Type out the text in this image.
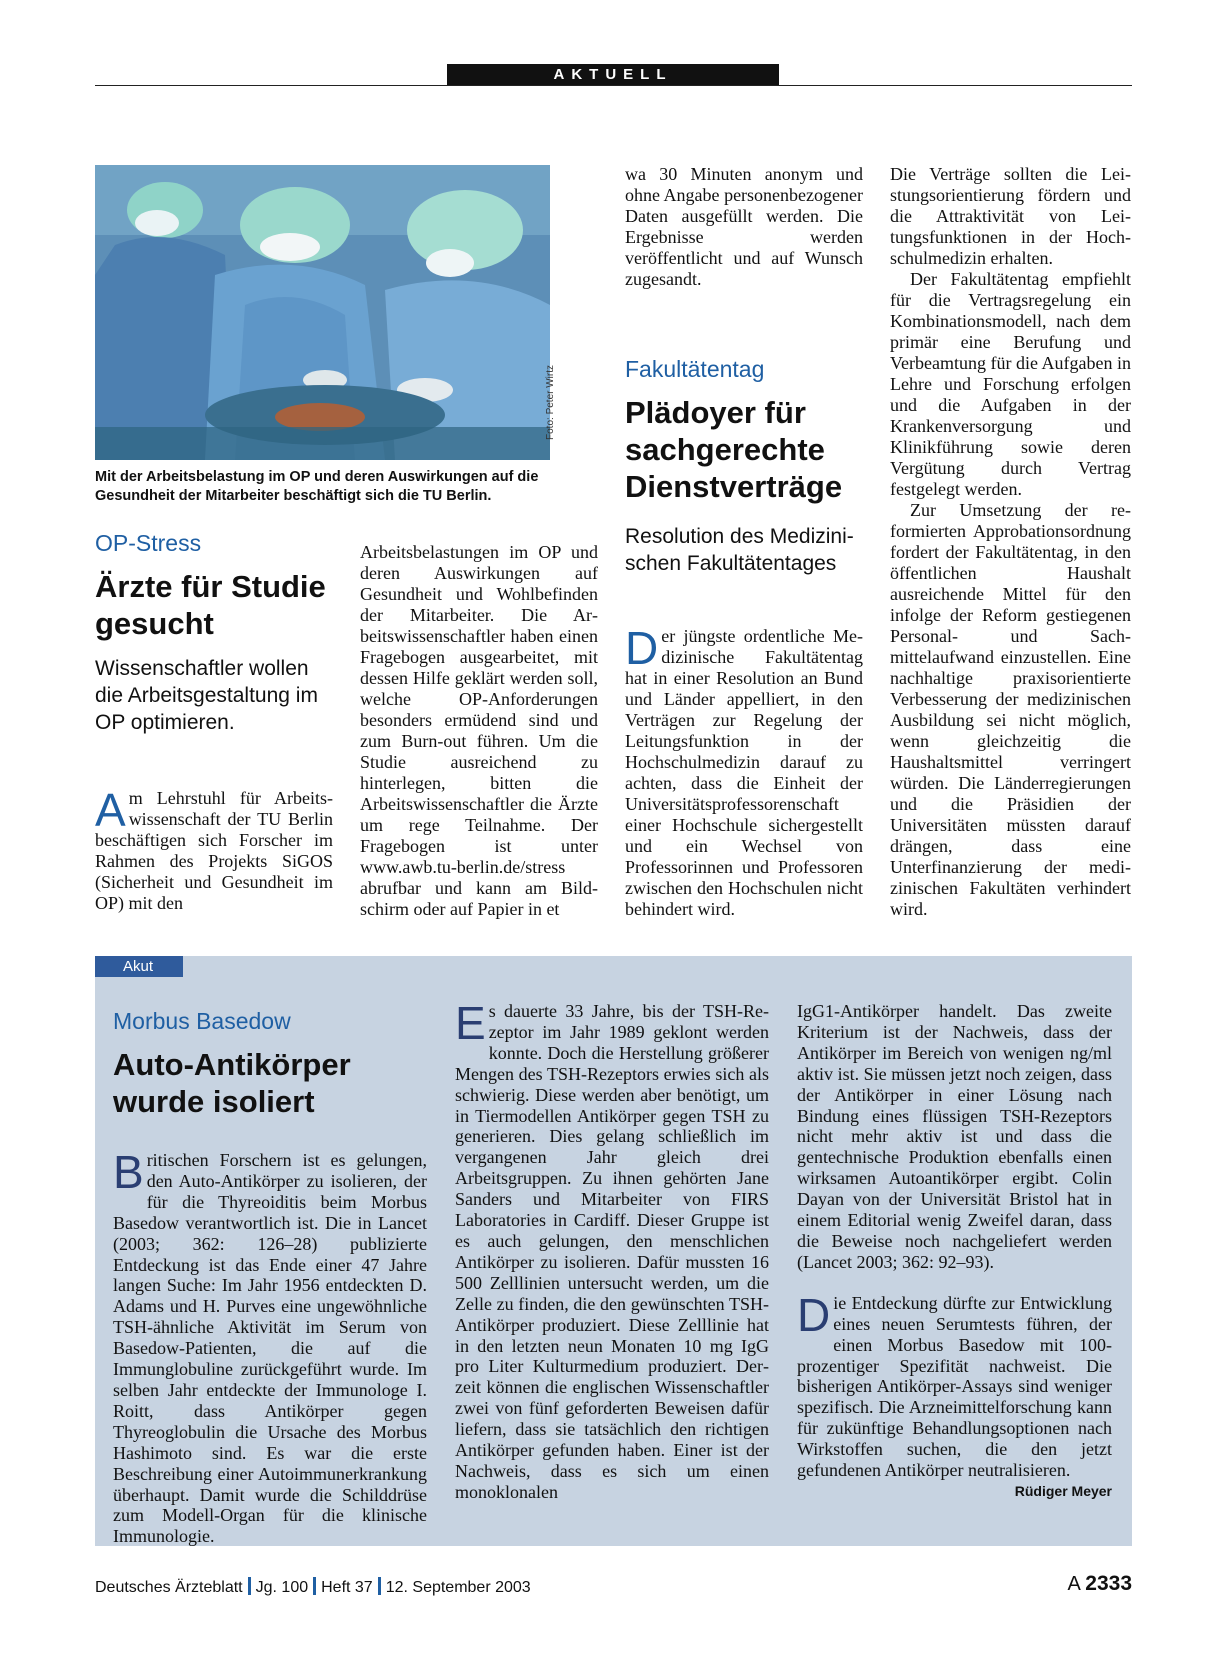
AKTUELL
Foto: Peter Wirtz

Mit der Arbeitsbelastung im OP und deren Auswirkungen auf die Gesundheit der Mitarbeiter beschäftigt sich die TU Berlin.

OP-Stress

Ärzte für Studie gesucht

Wissenschaftler wollen die Arbeitsgestaltung im OP optimieren.

Am Lehrstuhl für Arbeitswissenschaft der TU Berlin beschäftigen sich Forscher im Rahmen des Projekts SiGOS (Sicherheit und Gesundheit im OP) mit den
Arbeitsbelastungen im OP und deren Auswirkungen auf Gesundheit und Wohlbefinden der Mitarbeiter. Die Arbeitswissenschaftler haben einen Fragebogen ausgearbeitet, mit dessen Hilfe geklärt werden soll, welche OP-Anforderungen besonders ermüdend sind und zum Burn-out führen. Um die Studie ausreichend zu hinterlegen, bitten die Arbeitswissenschaftler die Ärzte um rege Teilnahme. Der Fragebogen ist unter www.awb.tu-berlin.de/stress abrufbar und kann am Bildschirm oder auf Papier in et
wa 30 Minuten anonym und ohne Angabe personenbezogener Daten ausgefüllt werden. Die Ergebnisse werden veröffentlicht und auf Wunsch zugesandt.

Fakultätentag

Plädoyer für sachgerechte Dienstverträge

Resolution des Medizinischen Fakultätentages

Der jüngste ordentliche Medizinische Fakultätentag hat in einer Resolution an Bund und Länder appelliert, in den Verträgen zur Regelung der Leitungsfunktion in der Hochschulmedizin darauf zu achten, dass die Einheit der Universitätsprofessorenschaft einer Hochschule sichergestellt und ein Wechsel von Professorinnen und Professoren zwischen den Hochschulen nicht behindert wird.

Die Verträge sollten die Leistungsorientierung fördern und die Attraktivität von Leitungsfunktionen in der Hochschulmedizin erhalten.

Der Fakultätentag empfiehlt für die Vertragsregelung ein Kombinationsmodell, nach dem primär eine Berufung und Verbeamtung für die Aufgaben in Lehre und Forschung erfolgen und die Aufgaben in der Krankenversorgung und Klinikführung sowie deren Vergütung durch Vertrag festgelegt werden.

Zur Umsetzung der reformierten Approbationsordnung fordert der Fakultätentag, in den öffentlichen Haushalt ausreichende Mittel für den infolge der Reform gestiegenen Personal- und Sachmittelaufwand einzustellen. Eine nachhaltige praxisorientierte Verbesserung der medizinischen Ausbildung sei nicht möglich, wenn gleichzeitig die Haushaltsmittel verringert würden. Die Länderregierungen und die Präsidien der Universitäten müssten darauf drängen, dass eine Unterfinanzierung der medizinischen Fakultäten verhindert wird.

Akut

Morbus Basedow

Auto-Antikörper wurde isoliert
Britischen Forschern ist es gelungen, den Auto-Antikörper zu isolieren, der für die Thyreoiditis beim Morbus Basedow verantwortlich ist. Die in Lancet (2003; 362: 126–28) publizierte Entdeckung ist das Ende einer 47 Jahre langen Suche: Im Jahr 1956 entdeckten D. Adams und H. Purves eine ungewöhnliche TSH-ähnliche Aktivität im Serum von Basedow-Patienten, die auf die Immunglobuline zurückgeführt wurde. Im selben Jahr entdeckte der Immunologe I. Roitt, dass Antikörper gegen Thyreoglobulin die Ursache des Morbus Hashimoto sind. Es war die erste Beschreibung einer Autoimmunerkrankung überhaupt. Damit wurde die Schilddrüse zum Modell-Organ für die klinische Immunologie.
Es dauerte 33 Jahre, bis der TSH-Rezeptor im Jahr 1989 geklont werden konnte. Doch die Herstellung größerer Mengen des TSH-Rezeptors erwies sich als schwierig. Diese werden aber benötigt, um in Tiermodellen Antikörper gegen TSH zu generieren. Dies gelang schließlich im vergangenen Jahr gleich drei Arbeitsgruppen. Zu ihnen gehörten Jane Sanders und Mitarbeiter von FIRS Laboratories in Cardiff. Dieser Gruppe ist es auch gelungen, den menschlichen Antikörper zu isolieren. Dafür mussten 16 500 Zelllinien untersucht werden, um die Zelle zu finden, die den gewünschten TSH-Antikörper produziert. Diese Zelllinie hat in den letzten neun Monaten 10 mg IgG pro Liter Kulturmedium produziert. Derzeit können die englischen Wissenschaftler zwei von fünf geforderten Beweisen dafür liefern, dass sie tatsächlich den richtigen Antikörper gefunden haben. Einer ist der Nachweis, dass es sich um einen monoklonalen

IgG1-Antikörper handelt. Das zweite Kriterium ist der Nachweis, dass der Antikörper im Bereich von wenigen ng/ml aktiv ist. Sie müssen jetzt noch zeigen, dass der Antikörper in einer Lösung nach Bindung eines flüssigen TSH-Rezeptors nicht mehr aktiv ist und dass die gentechnische Produktion ebenfalls einen wirksamen Autoantikörper ergibt. Colin Dayan von der Universität Bristol hat in einem Editorial wenig Zweifel daran, dass die Beweise noch nachgeliefert werden (Lancet 2003; 362: 92–93).

Die Entdeckung dürfte zur Entwicklung eines neuen Serumtests führen, der einen Morbus Basedow mit 100-prozentiger Spezifität nachweist. Die bisherigen Antikörper-Assays sind weniger spezifisch. Die Arzneimittelforschung kann für zukünftige Behandlungsoptionen nach Wirkstoffen suchen, die den jetzt gefundenen Antikörper neutralisieren.
Rüdiger Meyer

Deutsches Ärzteblatt Jg. 100 Heft 37 12. September 2003	A 2333
